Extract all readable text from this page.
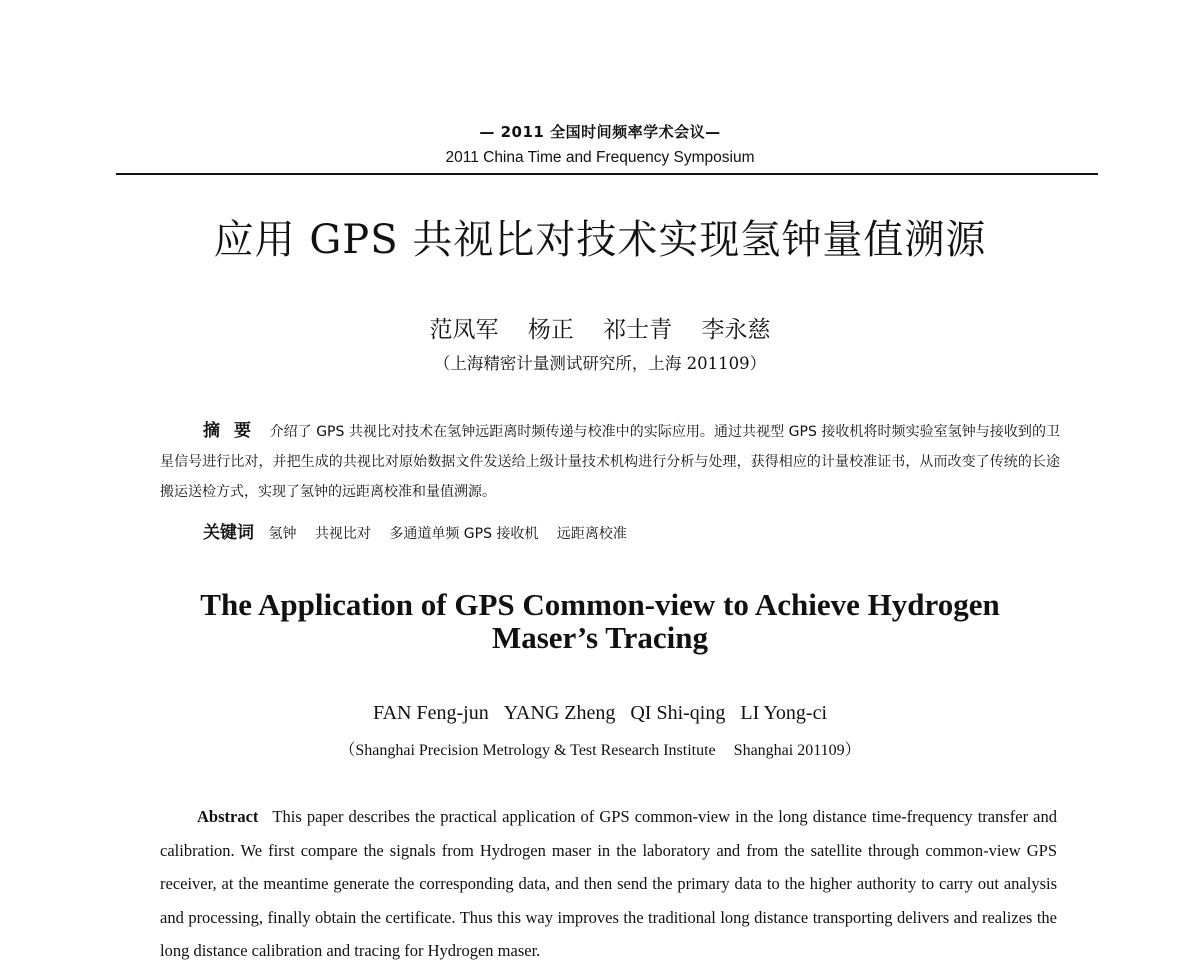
— 2011 全国时间频率学术会议—
2011 China Time and Frequency Symposium
应用 GPS 共视比对技术实现氢钟量值溯源
范凤军 杨正 祁士青 李永慈
（上海精密计量测试研究所，上海 201109）
摘要 介绍了 GPS 共视比对技术在氢钟远距离时频传递与校准中的实际应用。通过共视型 GPS 接收机将时频实验室氢钟与接收到的卫星信号进行比对，并把生成的共视比对原始数据文件发送给上级计量技术机构进行分析与处理，获得相应的计量校准证书，从而改变了传统的长途搬运送检方式，实现了氢钟的远距离校准和量值溯源。
关键词 氢钟 共视比对 多通道单频 GPS 接收机 远距离校准
The Application of GPS Common-view to Achieve Hydrogen
Maser’s Tracing
FAN Feng-jun YANG Zheng QI Shi-qing LI Yong-ci
（Shanghai Precision Metrology & Test Research Institute Shanghai 201109）
Abstract This paper describes the practical application of GPS common-view in the long distance time-frequency transfer and calibration. We first compare the signals from Hydrogen maser in the laboratory and from the satellite through common-view GPS receiver, at the meantime generate the corresponding data, and then send the primary data to the higher authority to carry out analysis and processing, finally obtain the certificate. Thus this way improves the traditional long distance transporting delivers and realizes the long distance calibration and tracing for Hydrogen maser.
